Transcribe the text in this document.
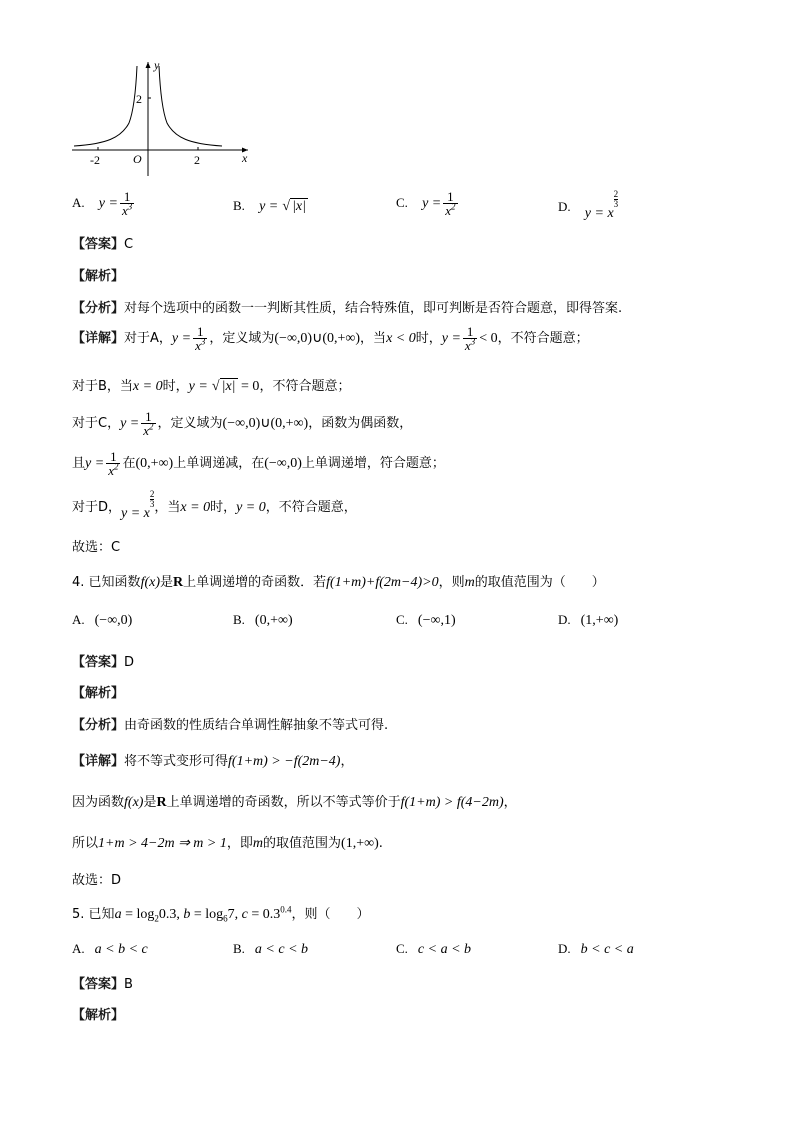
y
x
O
2
-2	2
A. $y = \frac{1}{x^3}$	B. y = √ |x|	C. $y = \frac{1}{x^2}$	D. y = x
$\frac{2}{3}$
【答案】C
【解析】
【分析】对每个选项中的函数一一判断其性质，结合特殊值，即可判断是否符合题意，即得答案.
【详解】对于A，$y = \frac{1}{x^3}$ ，定义域为(−∞,0)∪(0,+∞)，当x < 0时，$y = \frac{1}{x^3} < 0$，不符合题意；
对于B，当x = 0时，y = √ |x| = 0，不符合题意；
对于C，$y = \frac{1}{x^2}$ ，定义域为(−∞,0)∪(0,+∞)，函数为偶函数，
且$y = \frac{1}{x^2}$ 在(0,+∞)上单调递减，在(−∞,0)上单调递增，符合题意；
对于D，y = x
$\frac{2}{3}$ ，当x = 0时，y = 0，不符合题意，
故选：C
4. 已知函数f(x)是R上单调递增的奇函数．若f(1+m)+f(2m−4)>0，则m的取值范围为（　　）
A. (−∞,0)	B. (0,+∞)	C. (−∞,1)	D. (1,+∞)
【答案】D
【解析】
【分析】由奇函数的性质结合单调性解抽象不等式可得.
【详解】将不等式变形可得f(1+m) > −f(2m−4)，
因为函数f(x)是R上单调递增的奇函数，所以不等式等价于f(1+m) > f(4−2m)，
所以1+m > 4−2m ⇒ m > 1，即m的取值范围为(1,+∞).
故选：D
5. 已知$a = \log_20.3$, $b = \log_67$, $c = 0.3^{0.4}$，则（　　）
A. a < b < c	B. a < c < b	C. c < a < b	D. b < c < a
【答案】B
【解析】
